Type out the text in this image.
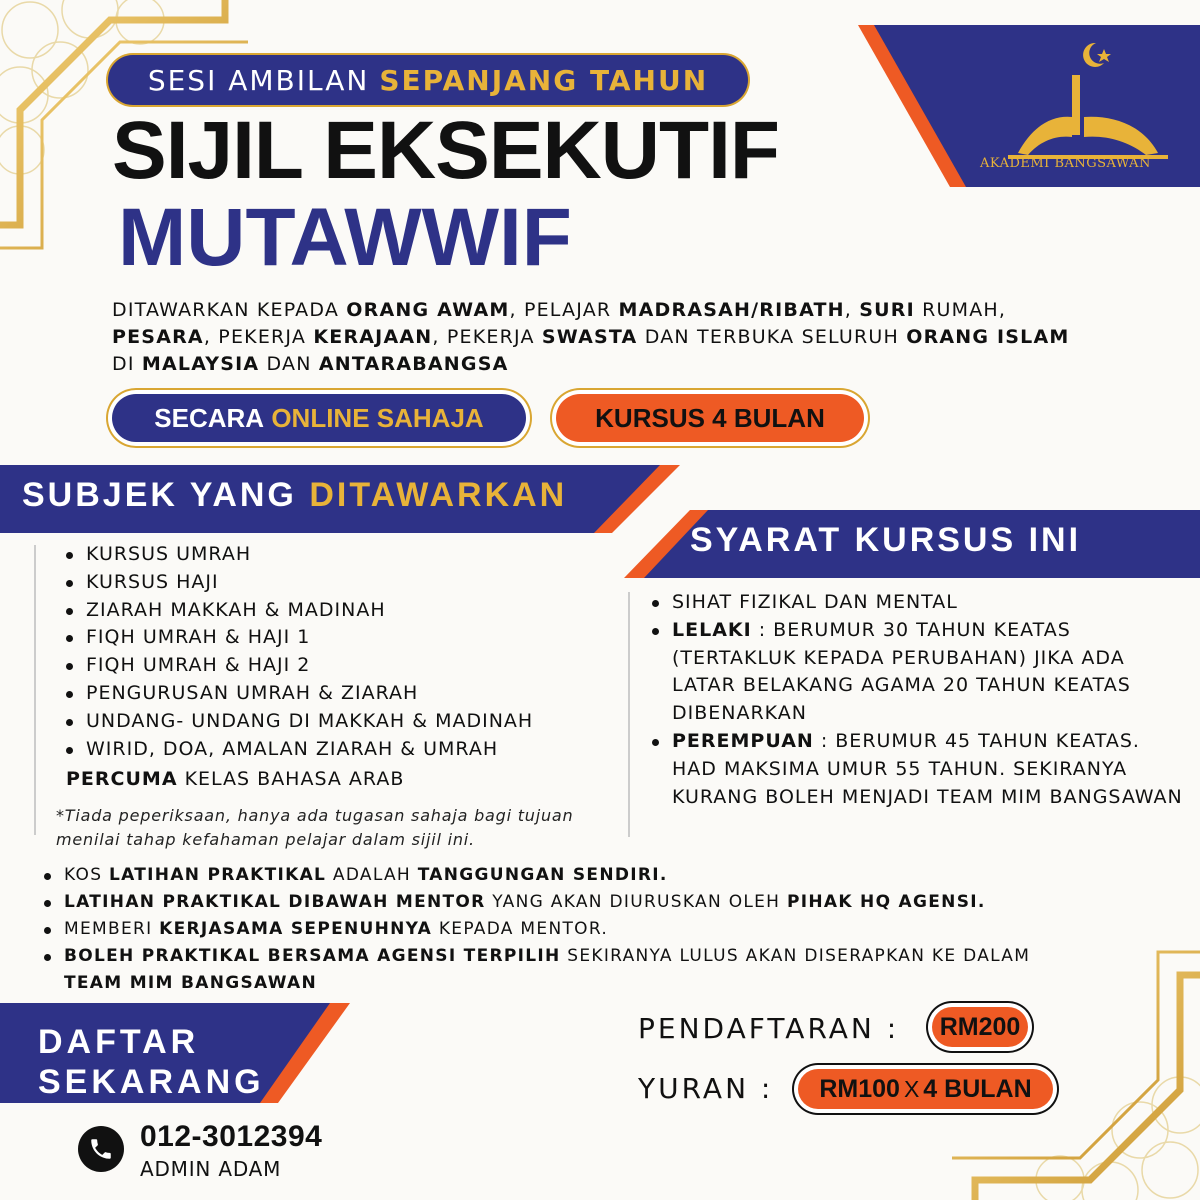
AKADEMI BANGSAWAN
SESI AMBILAN SEPANJANG TAHUN
SIJIL EKSEKUTIF
MUTAWWIF
DITAWARKAN KEPADA ORANG AWAM, PELAJAR MADRASAH/RIBATH, SURI RUMAH, PESARA, PEKERJA KERAJAAN, PEKERJA SWASTA DAN TERBUKA SELURUH ORANG ISLAM DI MALAYSIA DAN ANTARABANGSA
SECARA
ONLINE SAHAJA	KURSUS 4 BULAN
SUBJEK YANG DITAWARKAN
KURSUS UMRAH
KURSUS HAJI
ZIARAH MAKKAH & MADINAH
FIQH UMRAH & HAJI 1
FIQH UMRAH & HAJI 2
PENGURUSAN UMRAH & ZIARAH
UNDANG- UNDANG DI MAKKAH & MADINAH
WIRID, DOA, AMALAN ZIARAH & UMRAH
PERCUMA KELAS BAHASA ARAB
*Tiada peperiksaan, hanya ada tugasan sahaja bagi tujuan menilai tahap kefahaman pelajar dalam sijil ini.
SYARAT KURSUS INI
SIHAT FIZIKAL DAN MENTAL
LELAKI : BERUMUR 30 TAHUN KEATAS (TERTAKLUK KEPADA PERUBAHAN) JIKA ADA LATAR BELAKANG AGAMA 20 TAHUN KEATAS DIBENARKAN
PEREMPUAN : BERUMUR 45 TAHUN KEATAS. HAD MAKSIMA UMUR 55 TAHUN. SEKIRANYA KURANG BOLEH MENJADI TEAM MIM BANGSAWAN
KOS LATIHAN PRAKTIKAL ADALAH TANGGUNGAN SENDIRI.
LATIHAN PRAKTIKAL DIBAWAH MENTOR YANG AKAN DIURUSKAN OLEH PIHAK HQ AGENSI.
MEMBERI KERJASAMA SEPENUHNYA KEPADA MENTOR.
BOLEH PRAKTIKAL BERSAMA AGENSI TERPILIH SEKIRANYA LULUS AKAN DISERAPKAN KE DALAM TEAM MIM BANGSAWAN
DAFTAR
SEKARANG
012-3012394
ADMIN ADAM
PENDAFTARAN :	RM200
YURAN : RM100 X 4 BULAN
